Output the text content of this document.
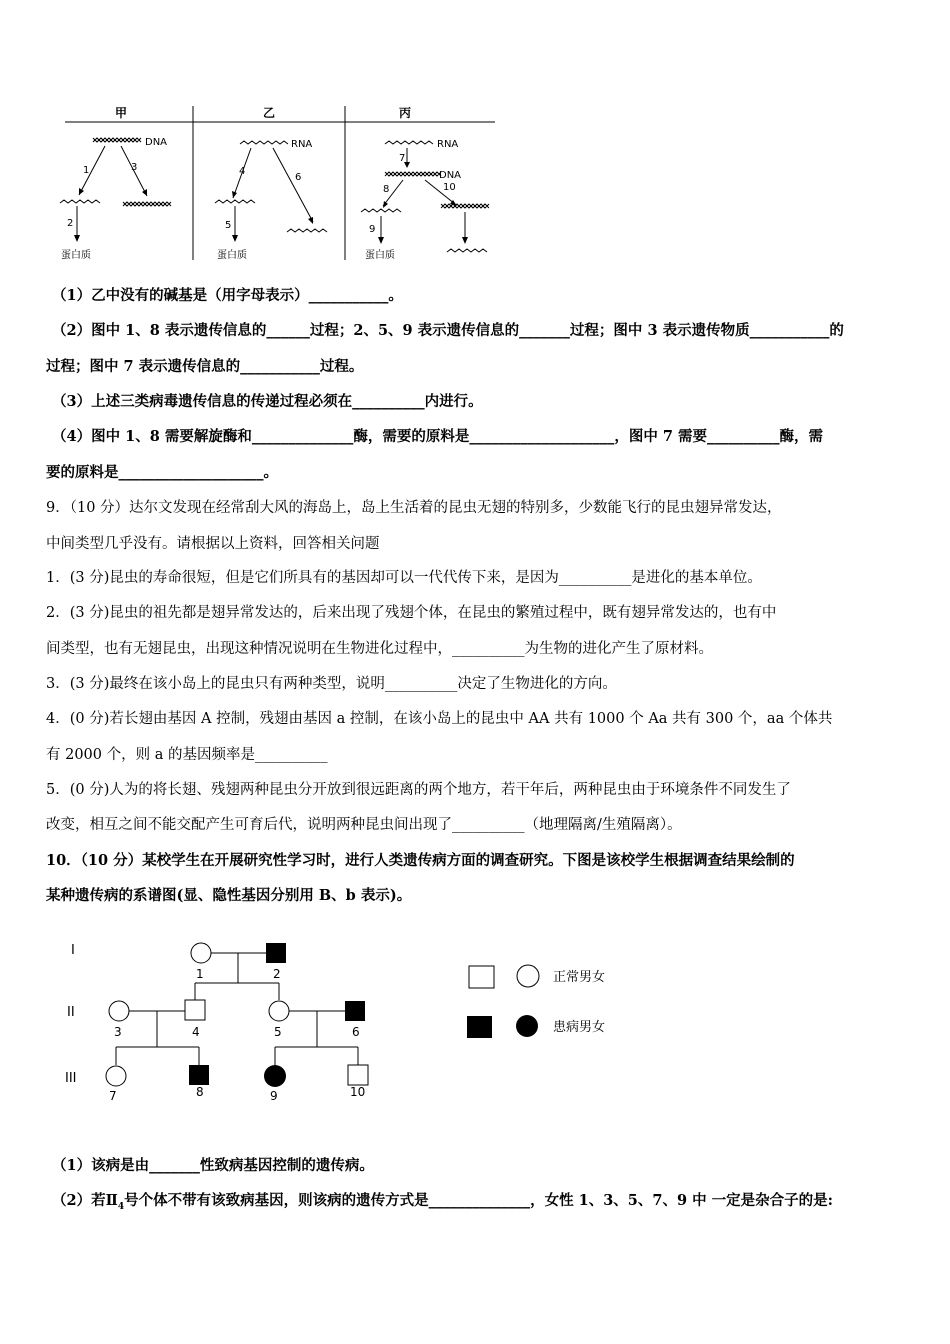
甲	乙	丙
DNA
1	3
2
蛋白质
RNA
4
6
5
蛋白质
RNA
7
DNA
8	10
9
蛋白质
（1）乙中没有的碱基是（用字母表示）___________。
（2）图中 1、8 表示遗传信息的______过程；2、5、9 表示遗传信息的_______过程；图中 3 表示遗传物质___________的
过程；图中 7 表示遗传信息的___________过程。
（3）上述三类病毒遗传信息的传递过程必须在__________内进行。
（4）图中 1、8 需要解旋酶和______________酶，需要的原料是____________________，图中 7 需要__________酶，需
要的原料是____________________。
9．（10 分）达尔文发现在经常刮大风的海岛上，岛上生活着的昆虫无翅的特别多，少数能飞行的昆虫翅异常发达，
中间类型几乎没有。请根据以上资料，回答相关问题
1．(3 分)昆虫的寿命很短，但是它们所具有的基因却可以一代代传下来，是因为__________是进化的基本单位。
2．(3 分)昆虫的祖先都是翅异常发达的，后来出现了残翅个体，在昆虫的繁殖过程中，既有翅异常发达的，也有中
间类型，也有无翅昆虫，出现这种情况说明在生物进化过程中，__________为生物的进化产生了原材料。
3．(3 分)最终在该小岛上的昆虫只有两种类型，说明__________决定了生物进化的方向。
4．(0 分)若长翅由基因 A 控制，残翅由基因 a 控制，在该小岛上的昆虫中 AA 共有 1000 个 Aa 共有 300 个，aa 个体共
有 2000 个，则 a 的基因频率是__________
5．(0 分)人为的将长翅、残翅两种昆虫分开放到很远距离的两个地方，若干年后，两种昆虫由于环境条件不同发生了
改变，相互之间不能交配产生可育后代，说明两种昆虫间出现了__________（地理隔离/生殖隔离）。
10．（10 分）某校学生在开展研究性学习时，进行人类遗传病方面的调查研究。下图是该校学生根据调查结果绘制的
某种遗传病的系谱图(显、隐性基因分别用 B、b 表示)。
I
II
III
1	2
3	4	5	6
7	8	9	10
正常男女
患病男女
（1）该病是由_______性致病基因控制的遗传病。
（2）若$Ⅱ_4$号个体不带有该致病基因，则该病的遗传方式是______________，女性 1、3、5、7、9 中 一定是杂合子的是:
